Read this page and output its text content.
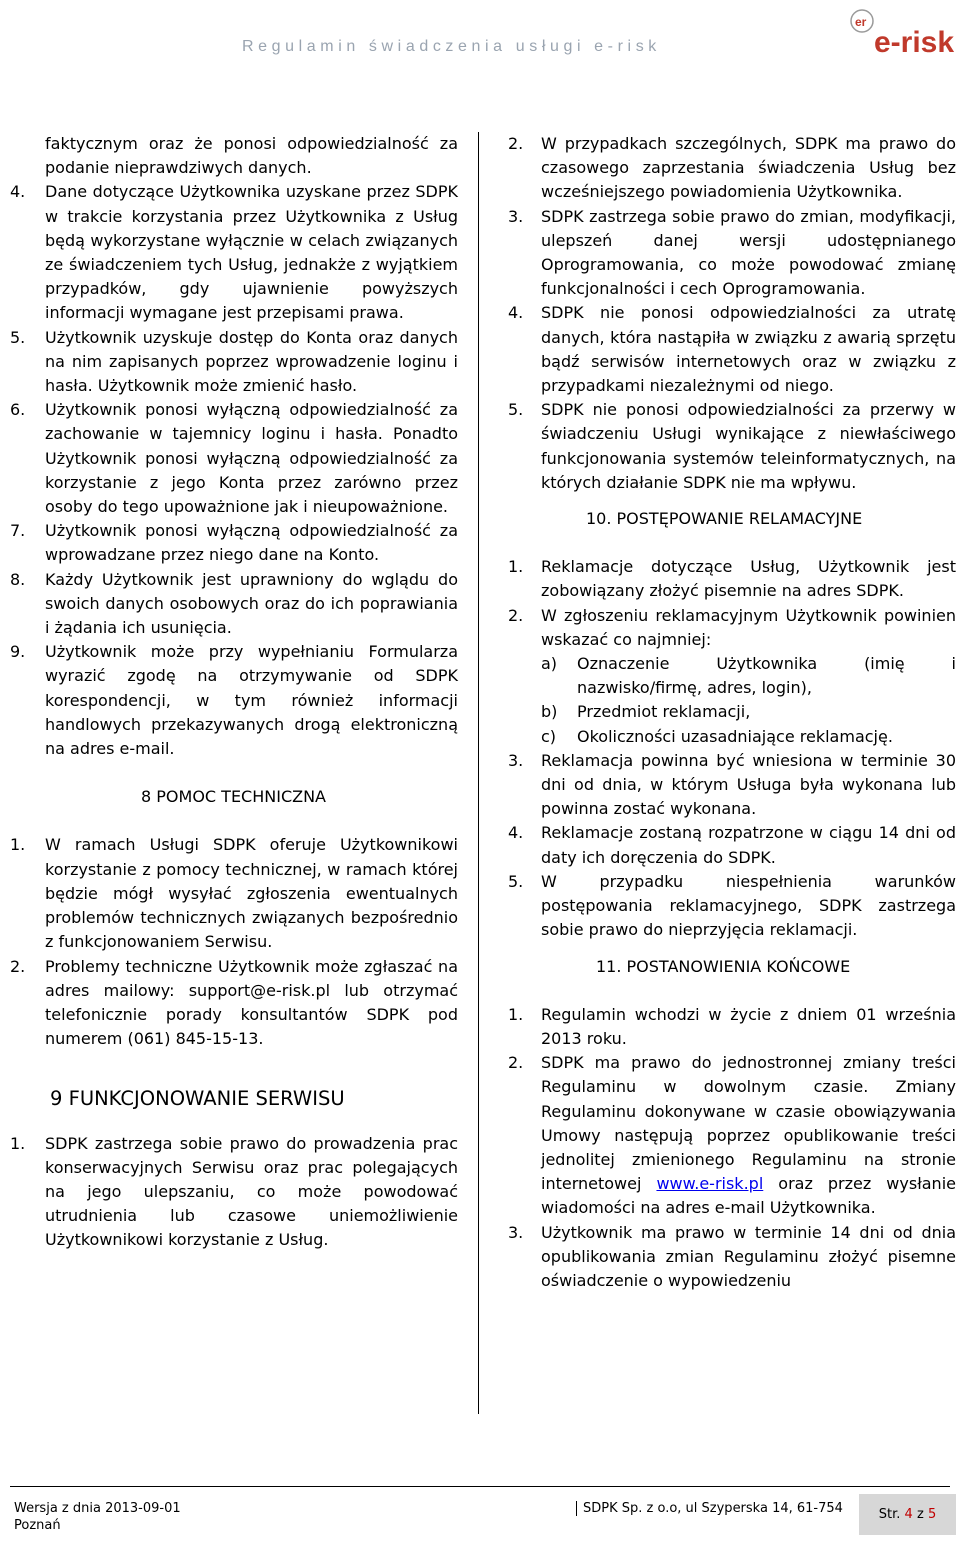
Regulamin świadczenia usługi e-risk
er
e-risk

faktycznym oraz że ponosi odpowiedzialność za podanie nieprawdziwych danych.

4.	Dane dotyczące Użytkownika uzyskane przez SDPK w trakcie korzystania przez Użytkownika z Usług będą wykorzystane wyłącznie w celach związanych ze świadczeniem tych Usług, jednakże z wyjątkiem przypadków, gdy ujawnienie powyższych informacji wymagane jest przepisami prawa.
5.	Użytkownik uzyskuje dostęp do Konta oraz danych na nim zapisanych poprzez wprowadzenie loginu i hasła. Użytkownik może zmienić hasło.
6.	Użytkownik ponosi wyłączną odpowiedzialność za zachowanie w tajemnicy loginu i hasła. Ponadto Użytkownik ponosi wyłączną odpowiedzialność za korzystanie z jego Konta przez zarówno przez osoby do tego upoważnione jak i nieupoważnione.
7.	Użytkownik ponosi wyłączną odpowiedzialność za wprowadzane przez niego dane na Konto.
8.	Każdy Użytkownik jest uprawniony do wglądu do swoich danych osobowych oraz do ich poprawiania i żądania ich usunięcia.
9.	Użytkownik może przy wypełnianiu Formularza wyrazić zgodę na otrzymywanie od SDPK korespondencji, w tym również informacji handlowych przekazywanych drogą elektroniczną na adres e-mail.
8 POMOC TECHNICZNA
1.	W ramach Usługi SDPK oferuje Użytkownikowi korzystanie z pomocy technicznej, w ramach której będzie mógł wysyłać zgłoszenia ewentualnych problemów technicznych związanych bezpośrednio z funkcjonowaniem Serwisu.
2.	Problemy techniczne Użytkownik może zgłaszać na adres mailowy: support@e-risk.pl lub otrzymać telefonicznie porady konsultantów SDPK pod numerem (061) 845-15-13.
9 FUNKCJONOWANIE SERWISU
1.	SDPK zastrzega sobie prawo do prowadzenia prac konserwacyjnych Serwisu oraz prac polegających na jego ulepszaniu, co może powodować utrudnienia lub czasowe uniemożliwienie Użytkownikowi korzystanie z Usług.
2.	W przypadkach szczególnych, SDPK ma prawo do czasowego zaprzestania świadczenia Usług bez wcześniejszego powiadomienia Użytkownika.
3.	SDPK zastrzega sobie prawo do zmian, modyfikacji, ulepszeń danej wersji udostępnianego Oprogramowania, co może powodować zmianę funkcjonalności i cech Oprogramowania.
4.	SDPK nie ponosi odpowiedzialności za utratę danych, która nastąpiła w związku z awarią sprzętu bądź serwisów internetowych oraz w związku z przypadkami niezależnymi od niego.
5.	SDPK nie ponosi odpowiedzialności za przerwy w świadczeniu Usługi wynikające z niewłaściwego funkcjonowania systemów teleinformatycznych, na których działanie SDPK nie ma wpływu.
10. POSTĘPOWANIE RELAMACYJNE
1.	Reklamacje dotyczące Usług, Użytkownik jest zobowiązany złożyć pisemnie na adres SDPK.
2.	W zgłoszeniu reklamacyjnym Użytkownik powinien wskazać co najmniej:
a)	Oznaczenie Użytkownika (imię i nazwisko/firmę, adres, login),
b)	Przedmiot reklamacji,
c)	Okoliczności uzasadniające reklamację.
3.	Reklamacja powinna być wniesiona w terminie 30 dni od dnia, w którym Usługa była wykonana lub powinna zostać wykonana.
4.	Reklamacje zostaną rozpatrzone w ciągu 14 dni od daty ich doręczenia do SDPK.
5.	W przypadku niespełnienia warunków postępowania reklamacyjnego, SDPK zastrzega sobie prawo do nieprzyjęcia reklamacji.
11. POSTANOWIENIA KOŃCOWE
1.	Regulamin wchodzi w życie z dniem 01 września 2013 roku.
2.	SDPK ma prawo do jednostronnej zmiany treści Regulaminu w dowolnym czasie. Zmiany Regulaminu dokonywane w czasie obowiązywania Umowy następują poprzez opublikowanie treści jednolitej zmienionego Regulaminu na stronie internetowej www.e-risk.pl oraz przez wysłanie wiadomości na adres e-mail Użytkownika.
3.	Użytkownik ma prawo w terminie 14 dni od dnia opublikowania zmian Regulaminu złożyć pisemne oświadczenie o wypowiedzeniu
Wersja z dnia 2013-09-01
Poznań
SDPK Sp. z o.o, ul Szyperska 14, 61-754	Str. 4 z 5
